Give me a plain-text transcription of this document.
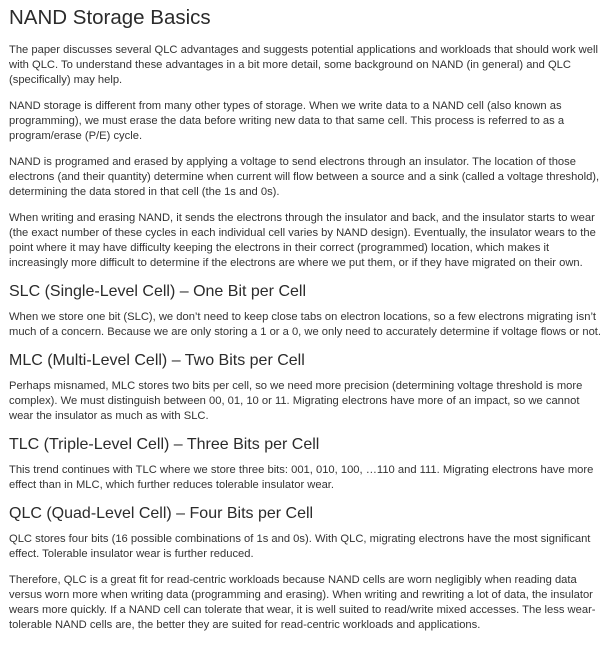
NAND Storage Basics

The paper discusses several QLC advantages and suggests potential applications and workloads that should work well with QLC. To understand these advantages in a bit more detail, some background on NAND (in general) and QLC (specifically) may help.

NAND storage is different from many other types of storage. When we write data to a NAND cell (also known as programming), we must erase the data before writing new data to that same cell. This process is referred to as a program/erase (P/E) cycle.

NAND is programed and erased by applying a voltage to send electrons through an insulator. The location of those electrons (and their quantity) determine when current will flow between a source and a sink (called a voltage threshold), determining the data stored in that cell (the 1s and 0s).

When writing and erasing NAND, it sends the electrons through the insulator and back, and the insulator starts to wear (the exact number of these cycles in each individual cell varies by NAND design). Eventually, the insulator wears to the point where it may have difficulty keeping the electrons in their correct (programmed) location, which makes it increasingly more difficult to determine if the electrons are where we put them, or if they have migrated on their own.

SLC (Single-Level Cell) – One Bit per Cell

When we store one bit (SLC), we don’t need to keep close tabs on electron locations, so a few electrons migrating isn’t much of a concern. Because we are only storing a 1 or a 0, we only need to accurately determine if voltage flows or not.

MLC (Multi-Level Cell) – Two Bits per Cell

Perhaps misnamed, MLC stores two bits per cell, so we need more precision (determining voltage threshold is more complex). We must distinguish between 00, 01, 10 or 11. Migrating electrons have more of an impact, so we cannot wear the insulator as much as with SLC.

TLC (Triple-Level Cell) – Three Bits per Cell

This trend continues with TLC where we store three bits: 001, 010, 100, …110 and 111. Migrating electrons have more effect than in MLC, which further reduces tolerable insulator wear.

QLC (Quad-Level Cell) – Four Bits per Cell

QLC stores four bits (16 possible combinations of 1s and 0s). With QLC, migrating electrons have the most significant effect. Tolerable insulator wear is further reduced.

Therefore, QLC is a great fit for read-centric workloads because NAND cells are worn negligibly when reading data versus worn more when writing data (programming and erasing). When writing and rewriting a lot of data, the insulator wears more quickly. If a NAND cell can tolerate that wear, it is well suited to read/write mixed accesses. The less wear-tolerable NAND cells are, the better they are suited for read-centric workloads and applications.
